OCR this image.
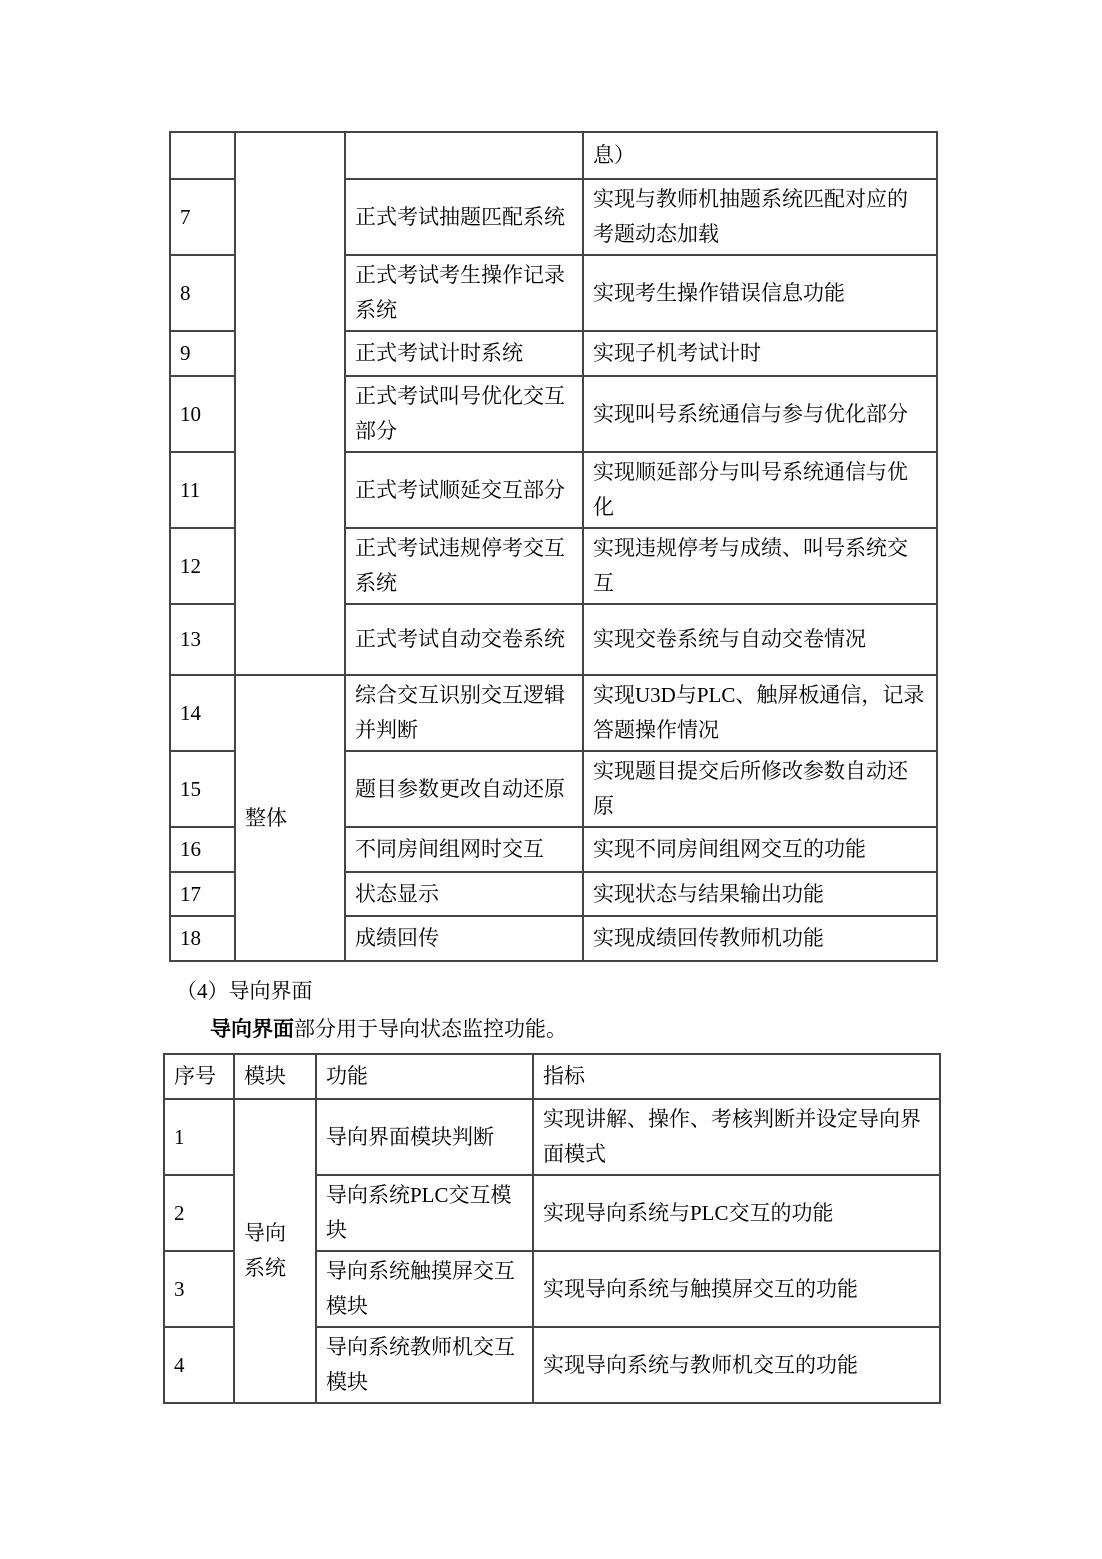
			息）
7		正式考试抽题匹配系统	实现与教师机抽题系统匹配对应的考题动态加载
8		正式考试考生操作记录系统	实现考生操作错误信息功能
9		正式考试计时系统	实现子机考试计时
10		正式考试叫号优化交互部分	实现叫号系统通信与参与优化部分
11		正式考试顺延交互部分	实现顺延部分与叫号系统通信与优化
12		正式考试违规停考交互系统	实现违规停考与成绩、叫号系统交互
13		正式考试自动交卷系统	实现交卷系统与自动交卷情况
14	整体	综合交互识别交互逻辑并判断	实现U3D与PLC、触屏板通信，记录答题操作情况
15		题目参数更改自动还原	实现题目提交后所修改参数自动还原
16		不同房间组网时交互	实现不同房间组网交互的功能
17		状态显示	实现状态与结果输出功能
18		成绩回传	实现成绩回传教师机功能
（4）导向界面
导向界面部分用于导向状态监控功能。
序号	模块	功能	指标
1	导向系统	导向界面模块判断	实现讲解、操作、考核判断并设定导向界面模式
2		导向系统PLC交互模块	实现导向系统与PLC交互的功能
3		导向系统触摸屏交互模块	实现导向系统与触摸屏交互的功能
4		导向系统教师机交互模块	实现导向系统与教师机交互的功能
